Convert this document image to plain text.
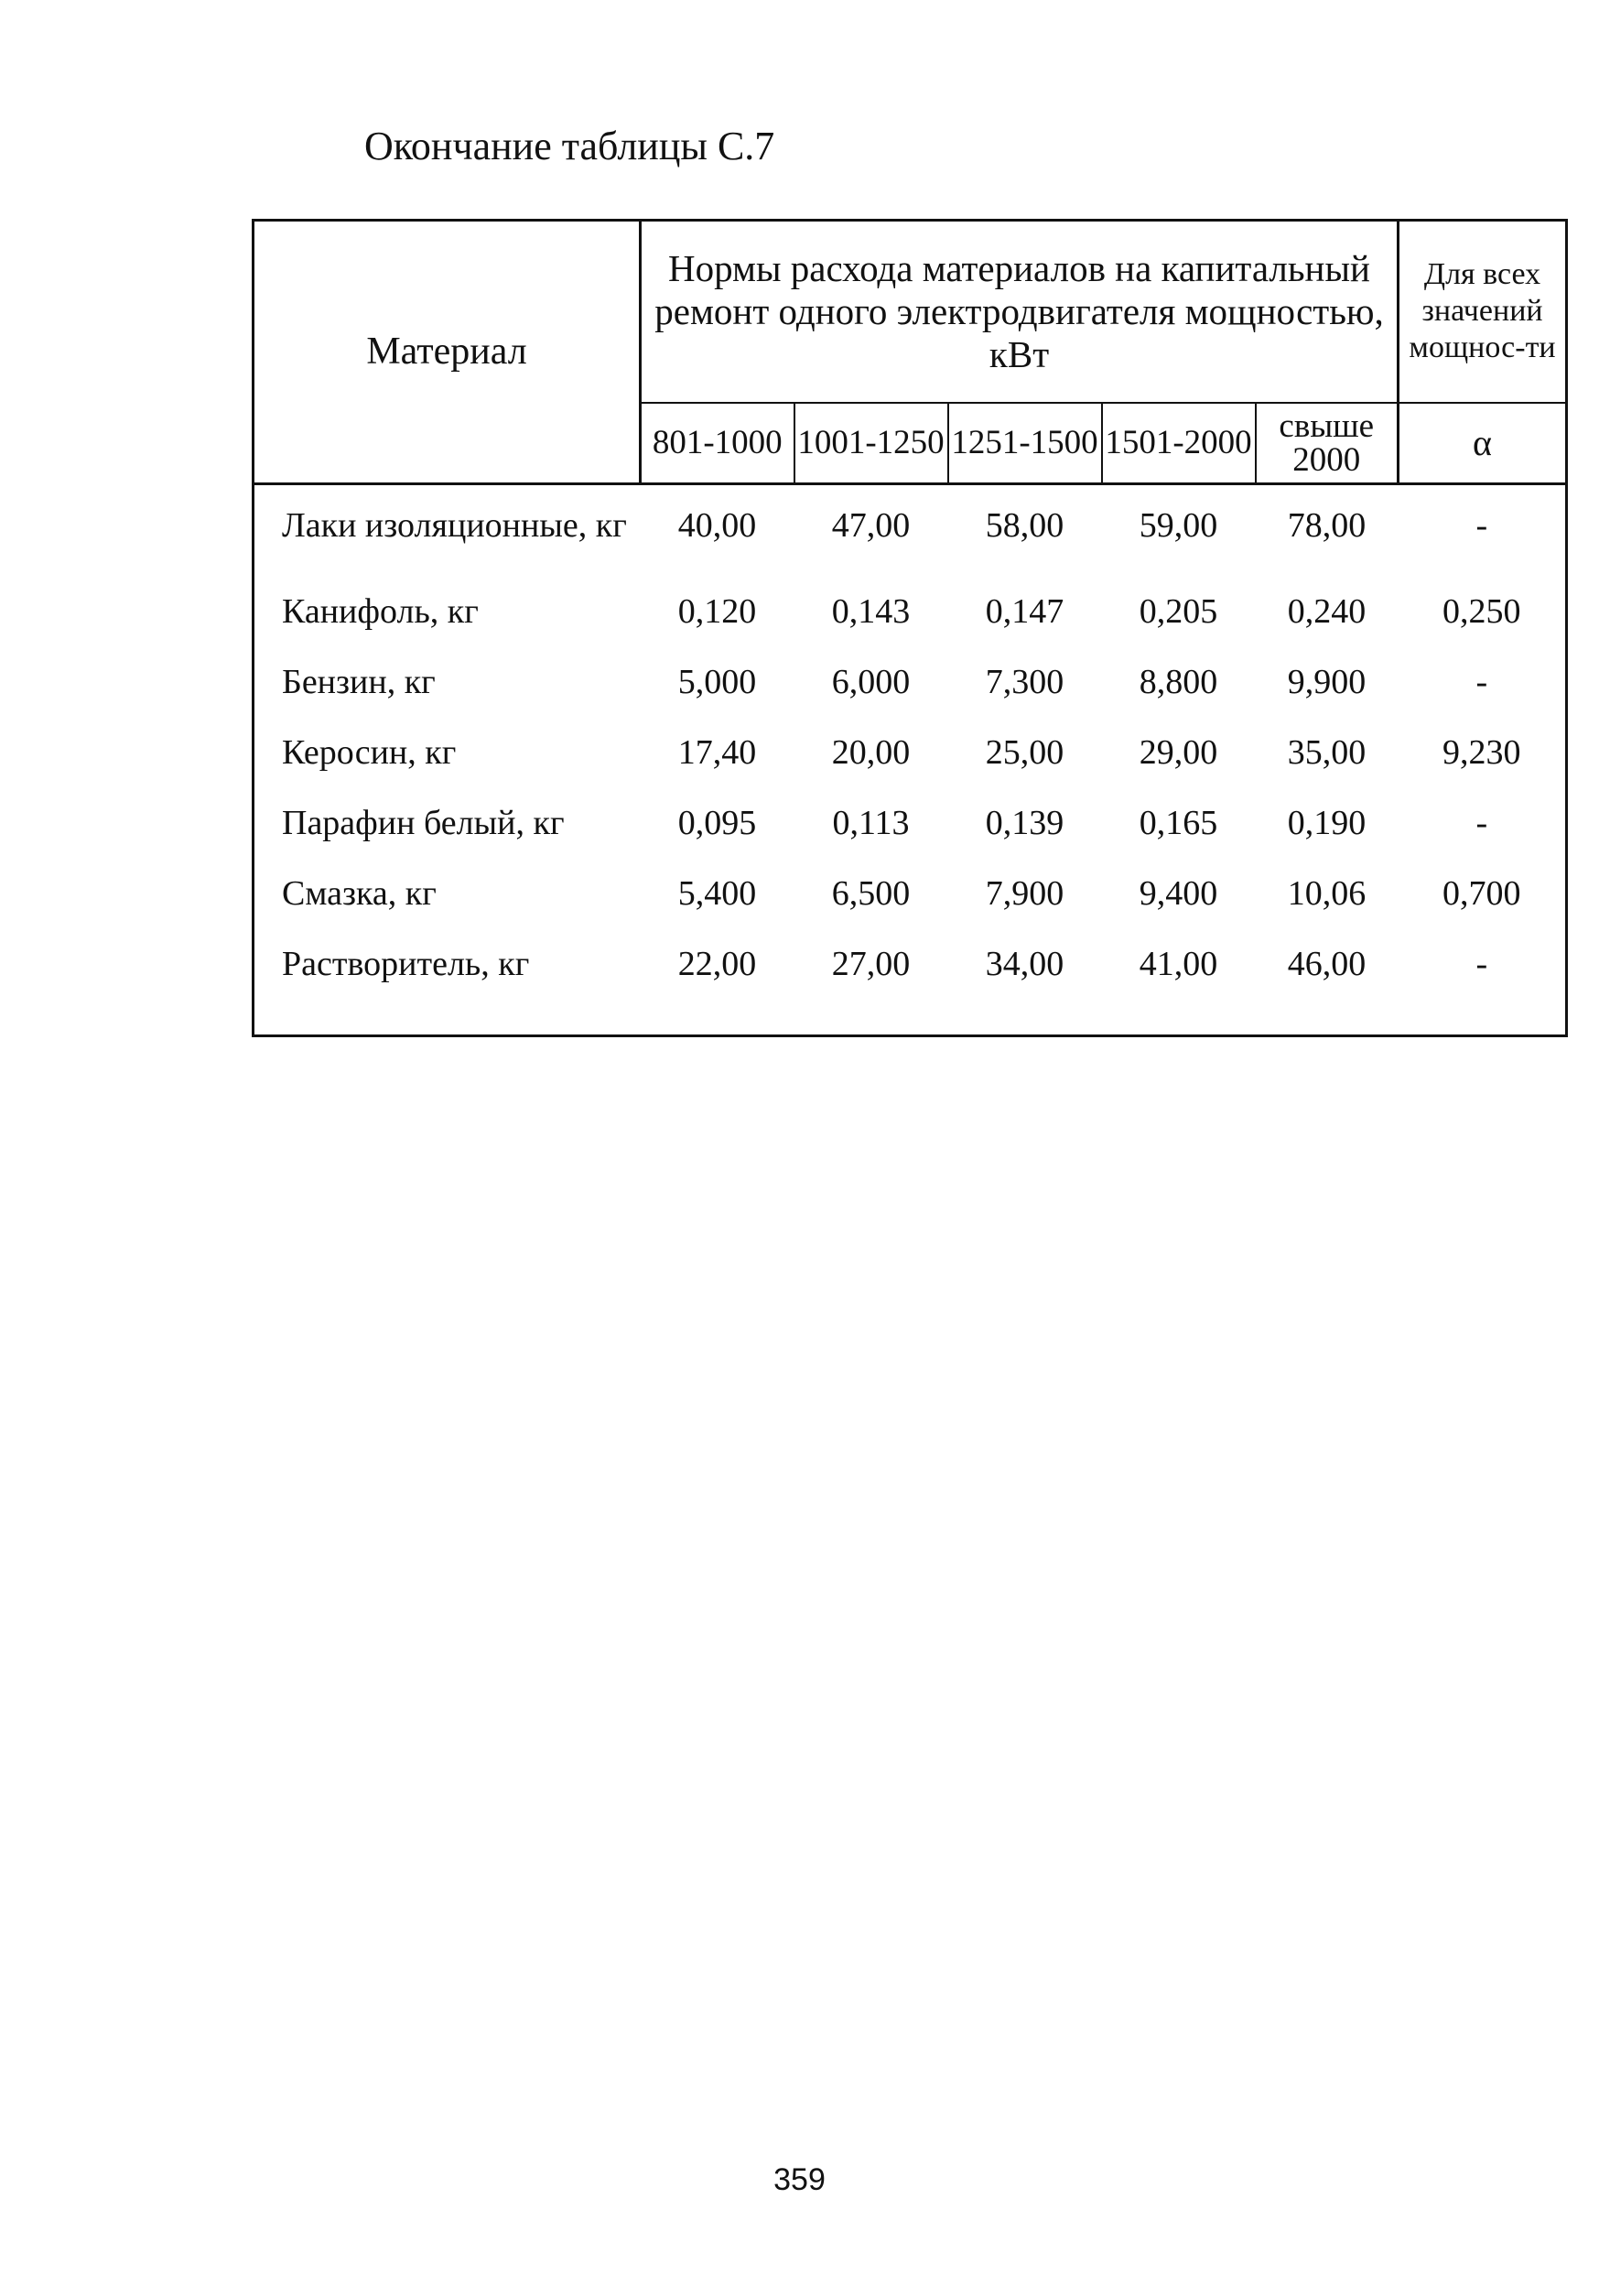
Окончание таблицы С.7
Материал	Нормы расхода материалов на капитальный ремонт одного электродвигателя мощностью, кВт					Для всех значений мощнос-ти
	801-1000	1001-1250	1251-1500	1501-2000	свыше 2000	α

Лаки изоляционные, кг	40,00	47,00	58,00	59,00	78,00	-
Канифоль, кг	0,120	0,143	0,147	0,205	0,240	0,250
Бензин, кг	5,000	6,000	7,300	8,800	9,900	-
Керосин, кг	17,40	20,00	25,00	29,00	35,00	9,230
Парафин белый, кг	0,095	0,113	0,139	0,165	0,190	-
Смазка, кг	5,400	6,500	7,900	9,400	10,06	0,700
Растворитель, кг	22,00	27,00	34,00	41,00	46,00	-

359
